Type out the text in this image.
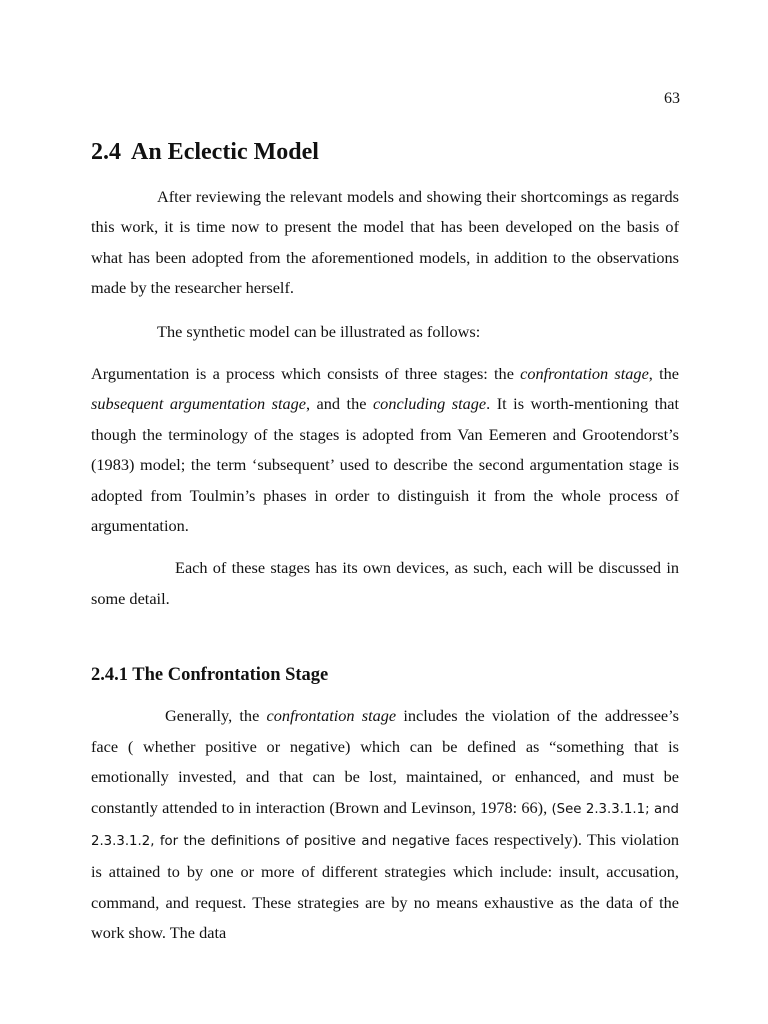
63
2.4 An Eclectic Model

After reviewing the relevant models and showing their shortcomings as regards this work, it is time now to present the model that has been developed on the basis of what has been adopted from the aforementioned models, in addition to the observations made by the researcher herself.

The synthetic model can be illustrated as follows:

Argumentation is a process which consists of three stages: the confrontation stage, the subsequent argumentation stage, and the concluding stage. It is worth-mentioning that though the terminology of the stages is adopted from Van Eemeren and Grootendorst’s (1983) model; the term ‘subsequent’ used to describe the second argumentation stage is adopted from Toulmin’s phases in order to distinguish it from the whole process of argumentation.

Each of these stages has its own devices, as such, each will be discussed in some detail.

2.4.1 The Confrontation Stage

Generally, the confrontation stage includes the violation of the addressee’s face ( whether positive or negative) which can be defined as “something that is emotionally invested, and that can be lost, maintained, or enhanced, and must be constantly attended to in interaction (Brown and Levinson, 1978: 66), (See 2.3.3.1.1; and 2.3.3.1.2, for the definitions of positive and negative faces respectively). This violation is attained to by one or more of different strategies which include: insult, accusation, command, and request. These strategies are by no means exhaustive as the data of the work show. The data
